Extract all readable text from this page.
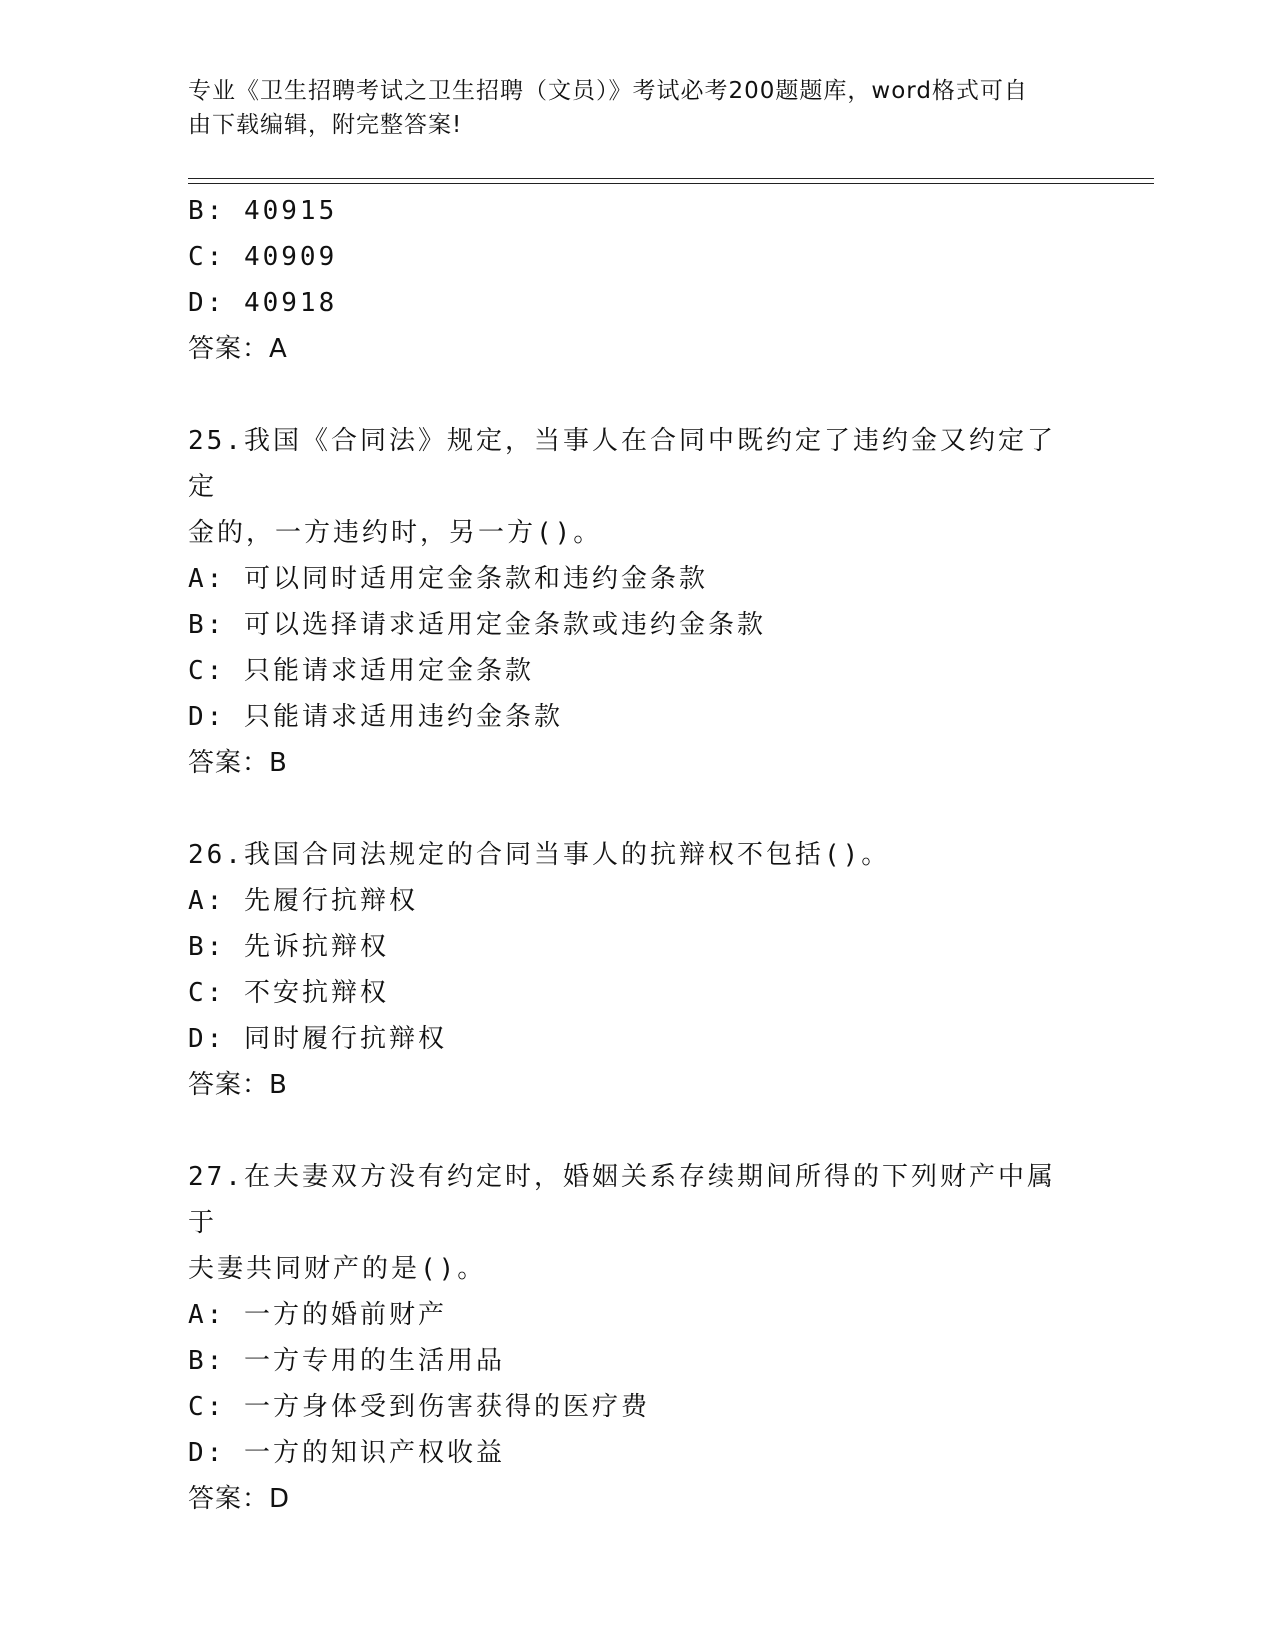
专业《卫生招聘考试之卫生招聘（文员）》考试必考200题题库，word格式可自
由下载编辑，附完整答案!
B: 40915
C: 40909
D: 40918
答案：A
25.我国《合同法》规定，当事人在合同中既约定了违约金又约定了定
金的，一方违约时，另一方()。
A: 可以同时适用定金条款和违约金条款
B: 可以选择请求适用定金条款或违约金条款
C: 只能请求适用定金条款
D: 只能请求适用违约金条款
答案：B
26.我国合同法规定的合同当事人的抗辩权不包括()。
A: 先履行抗辩权
B: 先诉抗辩权
C: 不安抗辩权
D: 同时履行抗辩权
答案：B
27.在夫妻双方没有约定时，婚姻关系存续期间所得的下列财产中属于
夫妻共同财产的是()。
A: 一方的婚前财产
B: 一方专用的生活用品
C: 一方身体受到伤害获得的医疗费
D: 一方的知识产权收益
答案：D
